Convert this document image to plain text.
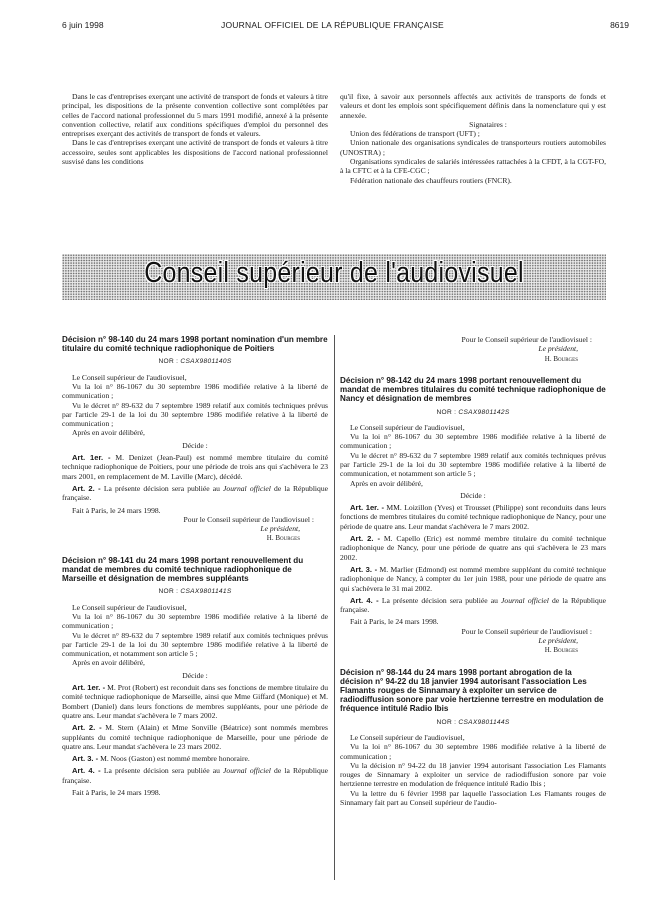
6 juin 1998	JOURNAL OFFICIEL DE LA RÉPUBLIQUE FRANÇAISE	8619

Dans le cas d'entreprises exerçant une activité de transport de fonds et valeurs à titre principal, les dispositions de la présente convention collective sont complétées par celles de l'accord national professionnel du 5 mars 1991 modifié, annexé à la présente convention collective, relatif aux conditions spécifiques d'emploi du personnel des entreprises exerçant des activités de transport de fonds et valeurs.

Dans le cas d'entreprises exerçant une activité de transport de fonds et valeurs à titre accessoire, seules sont applicables les dispositions de l'accord national professionnel susvisé dans les conditions

qu'il fixe, à savoir aux personnels affectés aux activités de transports de fonds et valeurs et dont les emplois sont spécifiquement définis dans la nomenclature qui y est annexée.

Signataires :

Union des fédérations de transport (UFT) ;

Union nationale des organisations syndicales de transporteurs routiers automobiles (UNOSTRA) ;

Organisations syndicales de salariés intéressées rattachées à la CFDT, à la CGT-FO, à la CFTC et à la CFE-CGC ;

Fédération nationale des chauffeurs routiers (FNCR).

Conseil supérieur de l'audiovisuel

Décision n° 98-140 du 24 mars 1998 portant nomination d'un membre titulaire du comité technique radiophonique de Poitiers

NOR : CSAX9801140S

Le Conseil supérieur de l'audiovisuel,

Vu la loi n° 86-1067 du 30 septembre 1986 modifiée relative à la liberté de communication ;

Vu le décret n° 89-632 du 7 septembre 1989 relatif aux comités techniques prévus par l'article 29-1 de la loi du 30 septembre 1986 modifiée relative à la liberté de communication ;

Après en avoir délibéré,

Décide :

Art. 1er. - M. Denizet (Jean-Paul) est nommé membre titulaire du comité technique radiophonique de Poitiers, pour une période de trois ans qui s'achèvera le 23 mars 2001, en remplacement de M. Laville (Marc), décédé.

Art. 2. - La présente décision sera publiée au Journal officiel de la République française.

Fait à Paris, le 24 mars 1998.

Pour le Conseil supérieur de l'audiovisuel :

Le président,

H. Bourges

Décision n° 98-141 du 24 mars 1998 portant renouvellement du mandat de membres du comité technique radiophonique de Marseille et désignation de membres suppléants

NOR : CSAX9801141S

Le Conseil supérieur de l'audiovisuel,

Vu la loi n° 86-1067 du 30 septembre 1986 modifiée relative à la liberté de communication ;

Vu le décret n° 89-632 du 7 septembre 1989 relatif aux comités techniques prévus par l'article 29-1 de la loi du 30 septembre 1986 modifiée relative à la liberté de communication, et notamment son article 5 ;

Après en avoir délibéré,

Décide :

Art. 1er. - M. Prot (Robert) est reconduit dans ses fonctions de membre titulaire du comité technique radiophonique de Marseille, ainsi que Mme Giffard (Monique) et M. Bombert (Daniel) dans leurs fonctions de membres suppléants, pour une période de quatre ans. Leur mandat s'achèvera le 7 mars 2002.

Art. 2. - M. Stern (Alain) et Mme Sonville (Béatrice) sont nommés membres suppléants du comité technique radiophonique de Marseille, pour une période de quatre ans. Leur mandat s'achèvera le 23 mars 2002.

Art. 3. - M. Noos (Gaston) est nommé membre honoraire.

Art. 4. - La présente décision sera publiée au Journal officiel de la République française.

Fait à Paris, le 24 mars 1998.

Pour le Conseil supérieur de l'audiovisuel :

Le président,

H. Bourges

Décision n° 98-142 du 24 mars 1998 portant renouvellement du mandat de membres titulaires du comité technique radiophonique de Nancy et désignation de membres

NOR : CSAX9801142S

Le Conseil supérieur de l'audiovisuel,

Vu la loi n° 86-1067 du 30 septembre 1986 modifiée relative à la liberté de communication ;

Vu le décret n° 89-632 du 7 septembre 1989 relatif aux comités techniques prévus par l'article 29-1 de la loi du 30 septembre 1986 modifiée relative à la liberté de communication, et notamment son article 5 ;

Après en avoir délibéré,

Décide :

Art. 1er. - MM. Loizillon (Yves) et Trousset (Philippe) sont reconduits dans leurs fonctions de membres titulaires du comité technique radiophonique de Nancy, pour une période de quatre ans. Leur mandat s'achèvera le 7 mars 2002.

Art. 2. - M. Capello (Eric) est nommé membre titulaire du comité technique radiophonique de Nancy, pour une période de quatre ans qui s'achèvera le 23 mars 2002.

Art. 3. - M. Marlier (Edmond) est nommé membre suppléant du comité technique radiophonique de Nancy, à compter du 1er juin 1988, pour une période de quatre ans qui s'achèvera le 31 mai 2002.

Art. 4. - La présente décision sera publiée au Journal officiel de la République française.

Fait à Paris, le 24 mars 1998.

Pour le Conseil supérieur de l'audiovisuel :

Le président,

H. Bourges

Décision n° 98-144 du 24 mars 1998 portant abrogation de la décision n° 94-22 du 18 janvier 1994 autorisant l'association Les Flamants rouges de Sinnamary à exploiter un service de radiodiffusion sonore par voie hertzienne terrestre en modulation de fréquence intitulé Radio Ibis

NOR : CSAX9801144S

Le Conseil supérieur de l'audiovisuel,

Vu la loi n° 86-1067 du 30 septembre 1986 modifiée relative à la liberté de communication ;

Vu la décision n° 94-22 du 18 janvier 1994 autorisant l'association Les Flamants rouges de Sinnamary à exploiter un service de radiodiffusion sonore par voie hertzienne terrestre en modulation de fréquence intitulé Radio Ibis ;

Vu la lettre du 6 février 1998 par laquelle l'association Les Flamants rouges de Sinnamary fait part au Conseil supérieur de l'audio-
